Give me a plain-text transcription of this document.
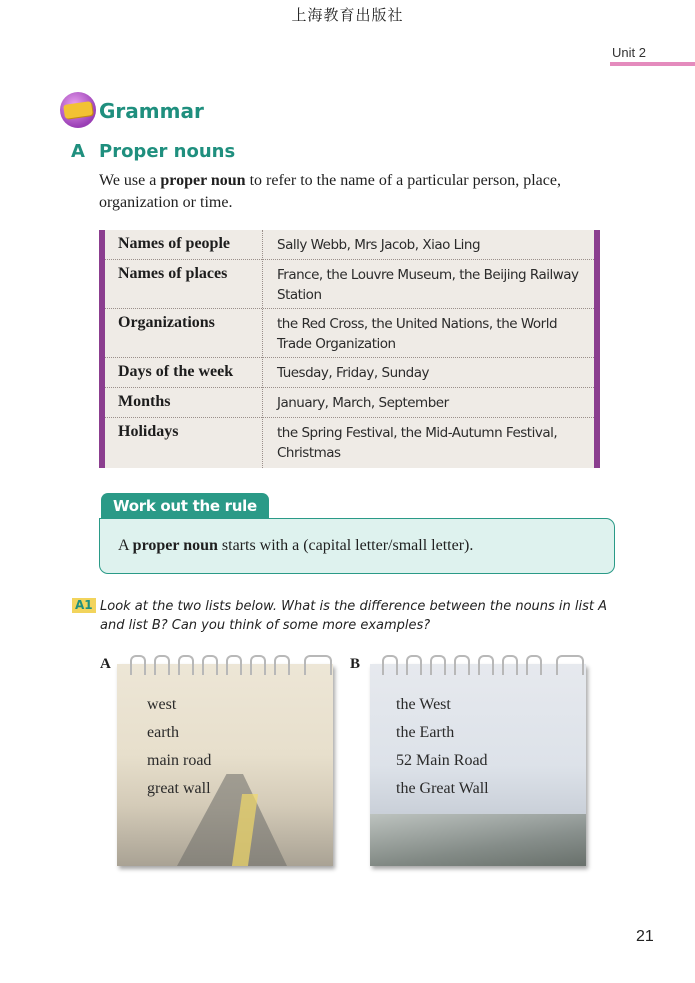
上海教育出版社
Unit 2
Grammar
A Proper nouns
We use a proper noun to refer to the name of a particular person, place, organization or time.
Names of people	Sally Webb, Mrs Jacob, Xiao Ling
Names of places	France, the Louvre Museum, the Beijing Railway Station
Organizations	the Red Cross, the United Nations, the World Trade Organization
Days of the week	Tuesday, Friday, Sunday
Months	January, March, September
Holidays	the Spring Festival, the Mid-Autumn Festival, Christmas
Work out the rule
A proper noun starts with a (capital letter/small letter).
A1 Look at the two lists below. What is the difference between the nouns in list A and list B? Can you think of some more examples?
A
west
earth
main road
great wall
B
the West
the Earth
52 Main Road
the Great Wall
21
